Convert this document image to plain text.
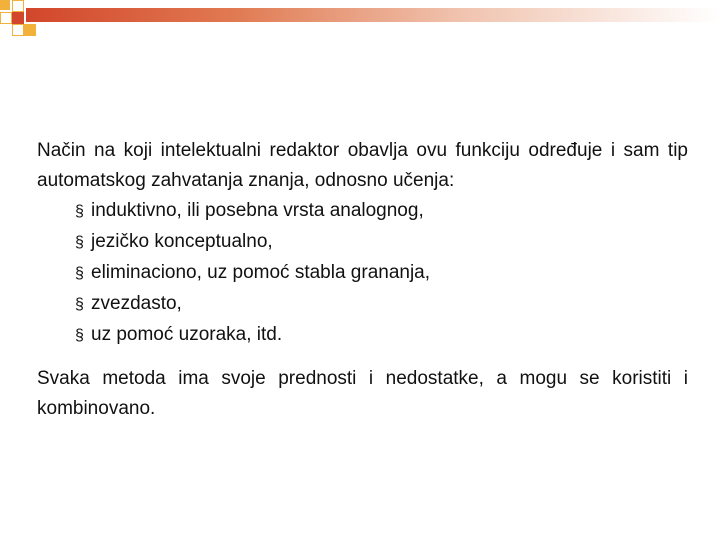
Način na koji intelektualni redaktor obavlja ovu funkciju određuje i sam tip automatskog zahvatanja znanja, odnosno učenja:

§ induktivno, ili posebna vrsta analognog,
§ jezičko konceptualno,
§ eliminaciono, uz pomoć stabla grananja,
§ zvezdasto,
§ uz pomoć uzoraka, itd.

Svaka metoda ima svoje prednosti i nedostatke, a mogu se koristiti i kombinovano.
